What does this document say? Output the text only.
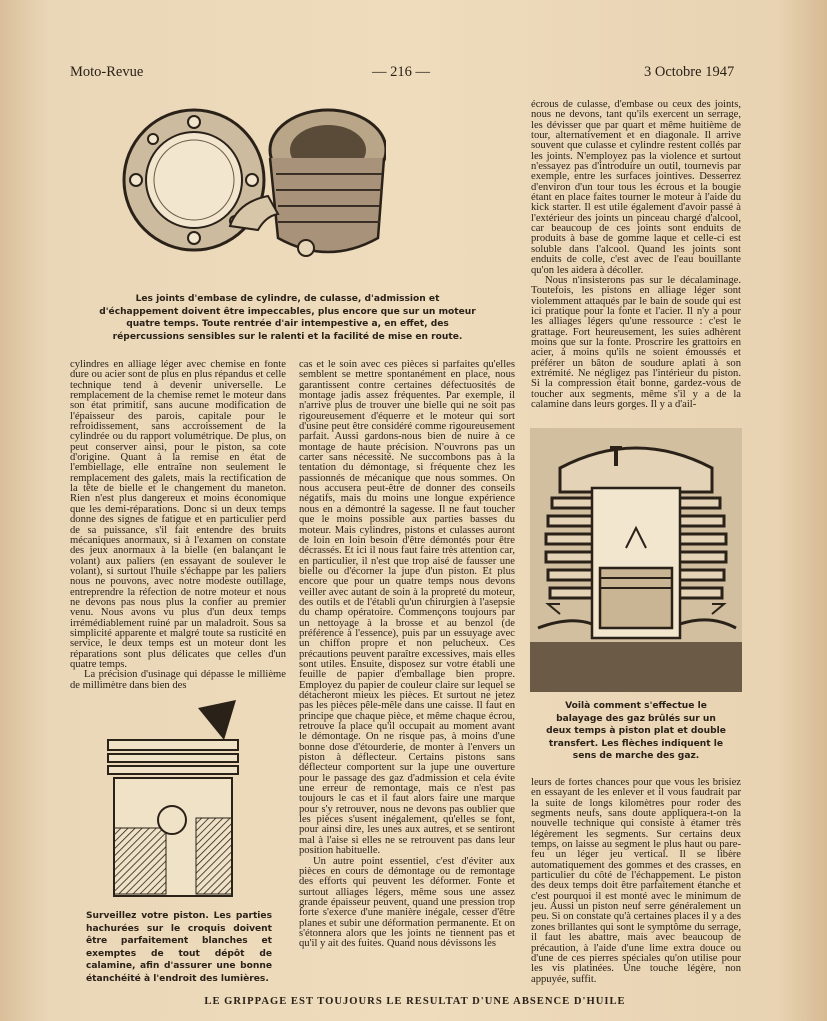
Moto-Revue	— 216 —	3 Octobre 1947
Les joints d'embase de cylindre, de culasse, d'admission et d'échappement doivent être impeccables, plus encore que sur un moteur quatre temps. Toute rentrée d'air intempestive a, en effet, des répercussions sensibles sur le ralenti et la facilité de mise en route.

cylindres en alliage léger avec chemise en fonte dure ou acier sont de plus en plus répandus et celle technique tend à devenir universelle. Le remplacement de la chemise remet le moteur dans son état primitif, sans aucune modification de l'épaisseur des parois, capitale pour le refroidissement, sans accroissement de la cylindrée ou du rapport volumétrique. De plus, on peut conserver ainsi, pour le piston, sa cote d'origine. Quant à la remise en état de l'embiellage, elle entraîne non seulement le remplacement des galets, mais la rectification de la tête de bielle et le changement du maneton. Rien n'est plus dangereux et moins économique que les demi-réparations. Donc si un deux temps donne des signes de fatigue et en particulier perd de sa puissance, s'il fait entendre des bruits mécaniques anormaux, si à l'examen on constate des jeux anormaux à la bielle (en balançant le volant) aux paliers (en essayant de soulever le volant), si surtout l'huile s'échappe par les paliers nous ne pouvons, avec notre modeste outillage, entreprendre la réfection de notre moteur et nous ne devons pas nous plus la confier au premier venu. Nous avons vu plus d'un deux temps irrémédiablement ruiné par un maladroit. Sous sa simplicité apparente et malgré toute sa rusticité en service, le deux temps est un moteur dont les réparations sont plus délicates que celles d'un quatre temps.

La précision d'usinage qui dépasse le millième de millimètre dans bien des

Surveillez votre piston. Les parties hachurées sur le croquis doivent être parfaitement blanches et exemptes de tout dépôt de calamine, afin d'assurer une bonne étanchéité à l'endroit des lumières.

cas et le soin avec ces pièces si parfaites qu'elles semblent se mettre spontanément en place, nous garantissent contre certaines défectuosités de montage jadis assez fréquentes. Par exemple, il n'arrive plus de trouver une bielle qui ne soit pas rigoureusement d'équerre et le moteur qui sort d'usine peut être considéré comme rigoureusement parfait. Aussi gardons-nous bien de nuire à ce montage de haute précision. N'ouvrons pas un carter sans nécessité. Ne succombons pas à la tentation du démontage, si fréquente chez les passionnés de mécanique que nous sommes. On nous accusera peut-être de donner des conseils négatifs, mais du moins une longue expérience nous en a démontré la sagesse. Il ne faut toucher que le moins possible aux parties basses du moteur. Mais cylindres, pistons et culasses auront de loin en loin besoin d'être démontés pour être décrassés. Et ici il nous faut faire très attention car, en particulier, il n'est que trop aisé de fausser une bielle ou d'écorner la jupe d'un piston. Et plus encore que pour un quatre temps nous devons veiller avec autant de soin à la propreté du moteur, des outils et de l'établi qu'un chirurgien à l'asepsie du champ opératoire. Commençons toujours par un nettoyage à la brosse et au benzol (de préférence à l'essence), puis par un essuyage avec un chiffon propre et non pelucheux. Ces précautions peuvent paraître excessives, mais elles sont utiles. Ensuite, disposez sur votre établi une feuille de papier d'emballage bien propre. Employez du papier de couleur claire sur lequel se détacheront mieux les pièces. Et surtout ne jetez pas les pièces pêle-mêle dans une caisse. Il faut en principe que chaque pièce, et même chaque écrou, retrouve la place qu'il occupait au moment avant le démontage. On ne risque pas, à moins d'une bonne dose d'étourderie, de monter à l'envers un piston à déflecteur. Certains pistons sans déflecteur comportent sur la jupe une ouverture pour le passage des gaz d'admission et cela évite une erreur de remontage, mais ce n'est pas toujours le cas et il faut alors faire une marque pour s'y retrouver, nous ne devons pas oublier que les pièces s'usent inégalement, qu'elles se font, pour ainsi dire, les unes aux autres, et se sentiront mal à l'aise si elles ne se retrouvent pas dans leur position habituelle.

Un autre point essentiel, c'est d'éviter aux pièces en cours de démontage ou de remontage des efforts qui peuvent les déformer. Fonte et surtout alliages légers, même sous une assez grande épaisseur peuvent, quand une pression trop forte s'exerce d'une manière inégale, cesser d'être planes et subir une déformation permanente. Et on s'étonnera alors que les joints ne tiennent pas et qu'il y ait des fuites. Quand nous dévissons les

écrous de culasse, d'embase ou ceux des joints, nous ne devons, tant qu'ils exercent un serrage, les dévisser que par quart et même huitième de tour, alternativement et en diagonale. Il arrive souvent que culasse et cylindre restent collés par les joints. N'employez pas la violence et surtout n'essayez pas d'introduire un outil, tournevis par exemple, entre les surfaces jointives. Desserrez d'environ d'un tour tous les écrous et la bougie étant en place faites tourner le moteur à l'aide du kick starter. Il est utile également d'avoir passé à l'extérieur des joints un pinceau chargé d'alcool, car beaucoup de ces joints sont enduits de produits à base de gomme laque et celle-ci est soluble dans l'alcool. Quand les joints sont enduits de colle, c'est avec de l'eau bouillante qu'on les aidera à décoller.

Nous n'insisterons pas sur le décalaminage. Toutefois, les pistons en alliage léger sont violemment attaqués par le bain de soude qui est ici pratique pour la fonte et l'acier. Il n'y a pour les alliages légers qu'une ressource : c'est le grattage. Fort heureusement, les suies adhèrent moins que sur la fonte. Proscrire les grattoirs en acier, à moins qu'ils ne soient émoussés et préférer un bâton de soudure aplati à son extrémité. Ne négligez pas l'intérieur du piston. Si la compression était bonne, gardez-vous de toucher aux segments, même s'il y a de la calamine dans leurs gorges. Il y a d'ail-

Voilà comment s'effectue le balayage des gaz brûlés sur un deux temps à piston plat et double transfert. Les flèches indiquent le sens de marche des gaz.

leurs de fortes chances pour que vous les brisiez en essayant de les enlever et il vous faudrait par la suite de longs kilomètres pour roder des segments neufs, sans doute appliquera-t-on la nouvelle technique qui consiste à étamer très légèrement les segments. Sur certains deux temps, on laisse au segment le plus haut ou pare-feu un léger jeu vertical. Il se libère automatiquement des gommes et des crasses, en particulier du côté de l'échappement. Le piston des deux temps doit être parfaitement étanche et c'est pourquoi il est monté avec le minimum de jeu. Aussi un piston neuf serre généralement un peu. Si on constate qu'à certaines places il y a des zones brillantes qui sont le symptôme du serrage, il faut les abattre, mais avec beaucoup de précaution, à l'aide d'une lime extra douce ou d'une de ces pierres spéciales qu'on utilise pour les vis platinées. Une touche légère, non appuyée, suffit.

LE GRIPPAGE EST TOUJOURS LE RESULTAT D'UNE ABSENCE D'HUILE
